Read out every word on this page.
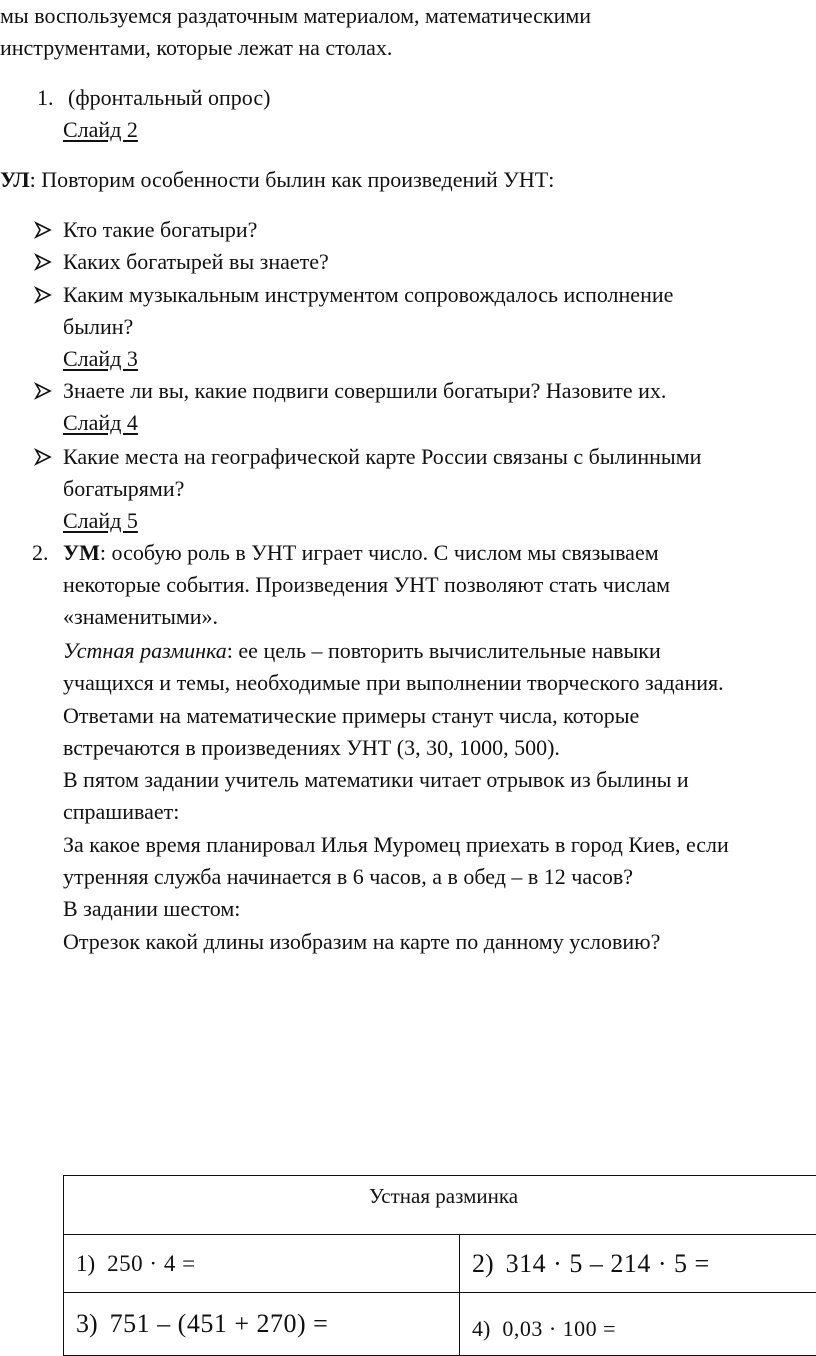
мы воспользуемся раздаточным материалом, математическими
инструментами, которые лежат на столах.
1. (фронтальный опрос)
Слайд 2
УЛ: Повторим особенности былин как произведений УНТ:
Кто такие богатыри?
Каких богатырей вы знаете?
Каким музыкальным инструментом сопровождалось исполнение
былин?
Слайд 3
Знаете ли вы, какие подвиги совершили богатыри? Назовите их.
Слайд 4
Какие места на географической карте России связаны с былинными
богатырями?
Слайд 5
2. УМ: особую роль в УНТ играет число. С числом мы связываем
некоторые события. Произведения УНТ позволяют стать числам
«знаменитыми».
Устная разминка: ее цель – повторить вычислительные навыки
учащихся и темы, необходимые при выполнении творческого задания.
Ответами на математические примеры станут числа, которые
встречаются в произведениях УНТ (3, 30, 1000, 500).
В пятом задании учитель математики читает отрывок из былины и
спрашивает:
За какое время планировал Илья Муромец приехать в город Киев, если
утренняя служба начинается в 6 часов, а в обед – в 12 часов?
В задании шестом:
Отрезок какой длины изобразим на карте по данному условию?
Устная разминка	

1) 250 · 4 =	2) 314 · 5 – 214 · 5 =

3) 751 – (451 + 270) =	4) 0,03 · 100 =
